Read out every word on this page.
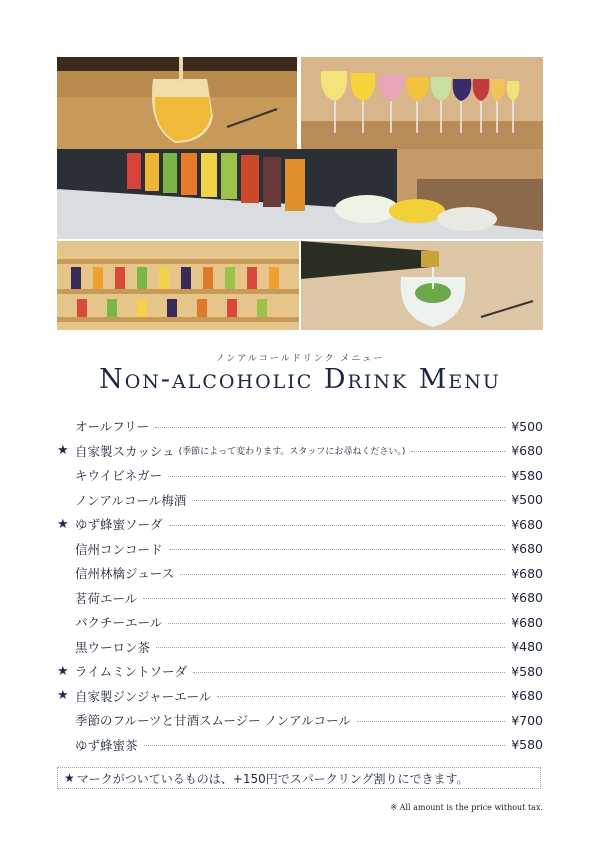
ノンアルコールドリンク メニュー
Non-alcoholic Drink Menu
オールフリー	¥500
★ 自家製スカッシュ (季節によって変わります。スタッフにお尋ねください。)	¥680
キウイビネガー	¥580
ノンアルコール梅酒	¥500
★ ゆず蜂蜜ソーダ	¥680
信州コンコード	¥680
信州林檎ジュース	¥680
茗荷エール	¥680
パクチーエール	¥680
黒ウーロン茶	¥480
★ ライムミントソーダ	¥580
★ 自家製ジンジャーエール	¥680
季節のフルーツと甘酒スムージー ノンアルコール	¥700
ゆず蜂蜜茶	¥580
★ マークがついているものは、+150円でスパークリング割りにできます。
※ All amount is the price without tax.
